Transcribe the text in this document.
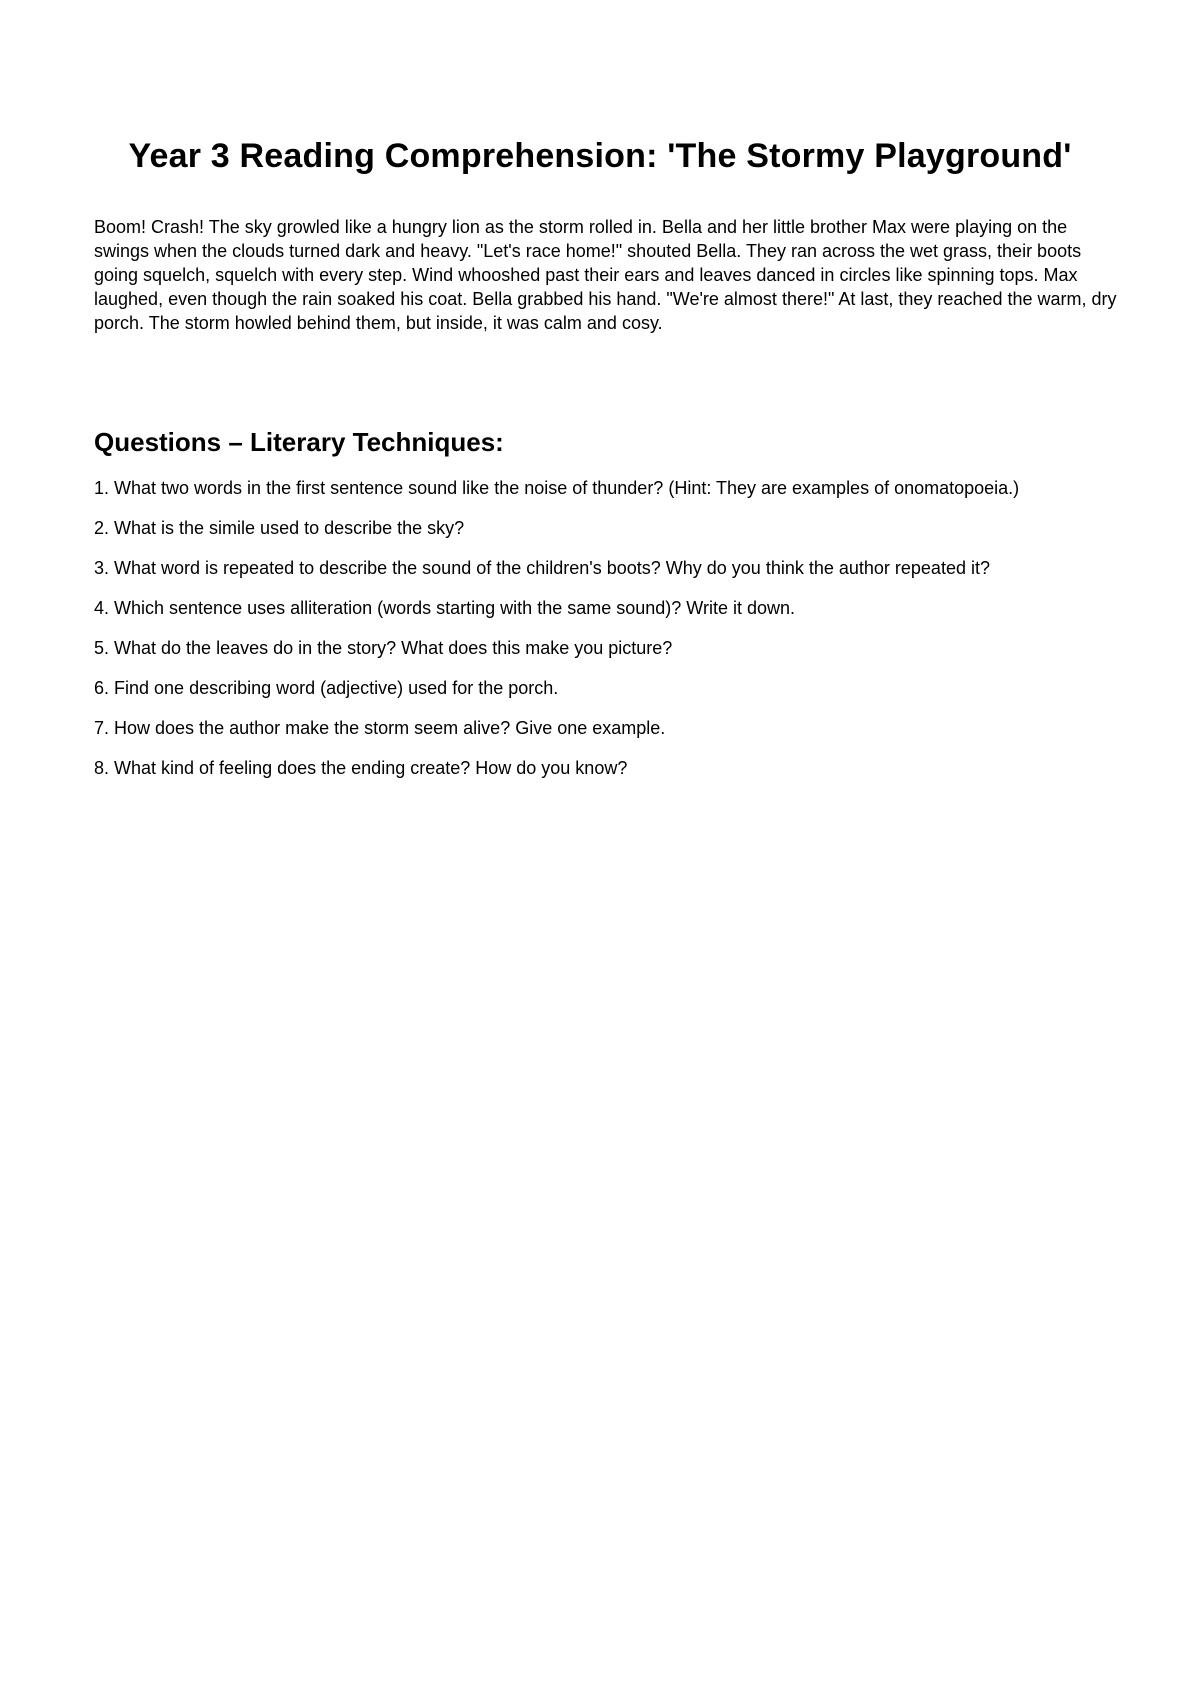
Year 3 Reading Comprehension: 'The Stormy Playground'

Boom! Crash! The sky growled like a hungry lion as the storm rolled in. Bella and her little brother Max were playing on the swings when the clouds turned dark and heavy. "Let's race home!" shouted Bella. They ran across the wet grass, their boots going squelch, squelch with every step. Wind whooshed past their ears and leaves danced in circles like spinning tops. Max laughed, even though the rain soaked his coat. Bella grabbed his hand. "We're almost there!" At last, they reached the warm, dry porch. The storm howled behind them, but inside, it was calm and cosy.

Questions – Literary Techniques:
1. What two words in the first sentence sound like the noise of thunder? (Hint: They are examples of onomatopoeia.)
2. What is the simile used to describe the sky?
3. What word is repeated to describe the sound of the children's boots? Why do you think the author repeated it?
4. Which sentence uses alliteration (words starting with the same sound)? Write it down.
5. What do the leaves do in the story? What does this make you picture?
6. Find one describing word (adjective) used for the porch.
7. How does the author make the storm seem alive? Give one example.
8. What kind of feeling does the ending create? How do you know?
